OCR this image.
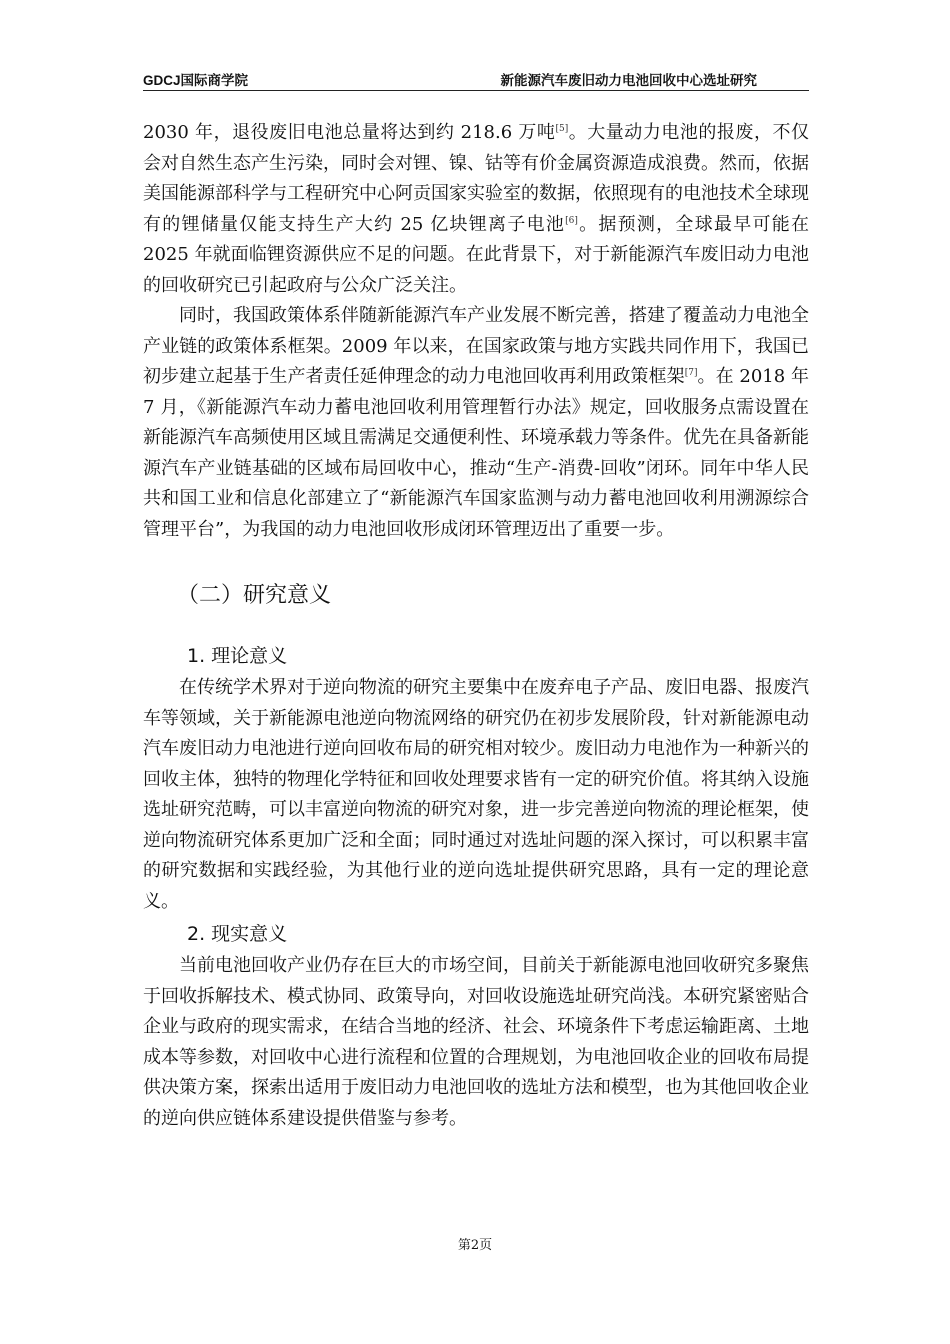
GDCJ国际商学院	新能源汽车废旧动力电池回收中心选址研究

2030 年，退役废旧电池总量将达到约 218.6 万吨[5]。大量动力电池的报废，不仅会对自然生态产生污染，同时会对锂、镍、钴等有价金属资源造成浪费。然而，依据美国能源部科学与工程研究中心阿贡国家实验室的数据，依照现有的电池技术全球现有的锂储量仅能支持生产大约 25 亿块锂离子电池[6]。据预测，全球最早可能在 2025 年就面临锂资源供应不足的问题。在此背景下，对于新能源汽车废旧动力电池的回收研究已引起政府与公众广泛关注。

同时，我国政策体系伴随新能源汽车产业发展不断完善，搭建了覆盖动力电池全产业链的政策体系框架。2009 年以来，在国家政策与地方实践共同作用下，我国已初步建立起基于生产者责任延伸理念的动力电池回收再利用政策框架[7]。在 2018 年 7 月，《新能源汽车动力蓄电池回收利用管理暂行办法》规定，回收服务点需设置在新能源汽车高频使用区域且需满足交通便利性、环境承载力等条件。优先在具备新能源汽车产业链基础的区域布局回收中心，推动“生产-消费-回收”闭环。同年中华人民共和国工业和信息化部建立了“新能源汽车国家监测与动力蓄电池回收利用溯源综合管理平台”，为我国的动力电池回收形成闭环管理迈出了重要一步。

（二）研究意义
1. 理论意义

在传统学术界对于逆向物流的研究主要集中在废弃电子产品、废旧电器、报废汽车等领域，关于新能源电池逆向物流网络的研究仍在初步发展阶段，针对新能源电动汽车废旧动力电池进行逆向回收布局的研究相对较少。废旧动力电池作为一种新兴的回收主体，独特的物理化学特征和回收处理要求皆有一定的研究价值。将其纳入设施选址研究范畴，可以丰富逆向物流的研究对象，进一步完善逆向物流的理论框架，使逆向物流研究体系更加广泛和全面；同时通过对选址问题的深入探讨，可以积累丰富的研究数据和实践经验，为其他行业的逆向选址提供研究思路，具有一定的理论意义。

2. 现实意义

当前电池回收产业仍存在巨大的市场空间，目前关于新能源电池回收研究多聚焦于回收拆解技术、模式协同、政策导向，对回收设施选址研究尚浅。本研究紧密贴合企业与政府的现实需求，在结合当地的经济、社会、环境条件下考虑运输距离、土地成本等参数，对回收中心进行流程和位置的合理规划，为电池回收企业的回收布局提供决策方案，探索出适用于废旧动力电池回收的选址方法和模型，也为其他回收企业的逆向供应链体系建设提供借鉴与参考。

第2页
